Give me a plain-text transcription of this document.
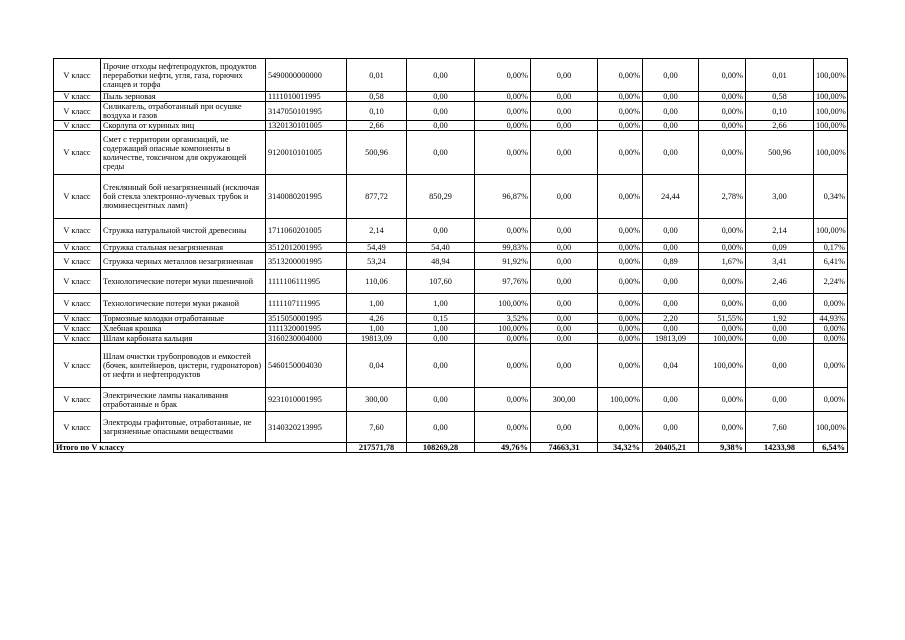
V класс	Прочие отходы нефтепродуктов, продуктов переработки нефти, угля, газа, горючих сланцев и торфа	5490000000000	0,01	0,00	0,00%	0,00	0,00%	0,00	0,00%	0,01	100,00%
V класс	Пыль зерновая	1111010011995	0,58	0,00	0,00%	0,00	0,00%	0,00	0,00%	0,58	100,00%
V класс	Силикагель, отработанный при осушке воздуха и газов	3147050101995	0,10	0,00	0,00%	0,00	0,00%	0,00	0,00%	0,10	100,00%
V класс	Скорлупа от куриных яиц	1320130101005	2,66	0,00	0,00%	0,00	0,00%	0,00	0,00%	2,66	100,00%
V класс	Смет с территории организаций, не содержащий опасные компоненты в количестве, токсичном для окружающей среды	9120010101005	500,96	0,00	0,00%	0,00	0,00%	0,00	0,00%	500,96	100,00%
V класс	Стеклянный бой незагрязненный (исключая бой стекла электронно-лучевых трубок и люминесцентных ламп)	3140080201995	877,72	850,29	96,87%	0,00	0,00%	24,44	2,78%	3,00	0,34%
V класс	Стружка натуральной чистой древесины	1711060201005	2,14	0,00	0,00%	0,00	0,00%	0,00	0,00%	2,14	100,00%
V класс	Стружка стальная незагрязненная	3512012001995	54,49	54,40	99,83%	0,00	0,00%	0,00	0,00%	0,09	0,17%
V класс	Стружка черных металлов незагрязненная	3513200001995	53,24	48,94	91,92%	0,00	0,00%	0,89	1,67%	3,41	6,41%
V класс	Технологические потери муки пшеничной	1111106111995	110,06	107,60	97,76%	0,00	0,00%	0,00	0,00%	2,46	2,24%
V класс	Технологические потери муки ржаной	1111107111995	1,00	1,00	100,00%	0,00	0,00%	0,00	0,00%	0,00	0,00%
V класс	Тормозные колодки отработанные	3515050001995	4,26	0,15	3,52%	0,00	0,00%	2,20	51,55%	1,92	44,93%
V класс	Хлебная крошка	1111320001995	1,00	1,00	100,00%	0,00	0,00%	0,00	0,00%	0,00	0,00%
V класс	Шлам карбоната кальция	3160230004000	19813,09	0,00	0,00%	0,00	0,00%	19813,09	100,00%	0,00	0,00%
V класс	Шлам очистки трубопроводов и емкостей (бочек, контейнеров, цистерн, гудронаторов) от нефти и нефтепродуктов	5460150004030	0,04	0,00	0,00%	0,00	0,00%	0,04	100,00%	0,00	0,00%
V класс	Электрические лампы накаливания отработанные и брак	9231010001995	300,00	0,00	0,00%	300,00	100,00%	0,00	0,00%	0,00	0,00%
V класс	Электроды графитовые, отработанные, не загрязненные опасными веществами	3140320213995	7,60	0,00	0,00%	0,00	0,00%	0,00	0,00%	7,60	100,00%
Итого по V классу			217571,78	108269,28	49,76%	74663,31	34,32%	20405,21	9,38%	14233,98	6,54%
